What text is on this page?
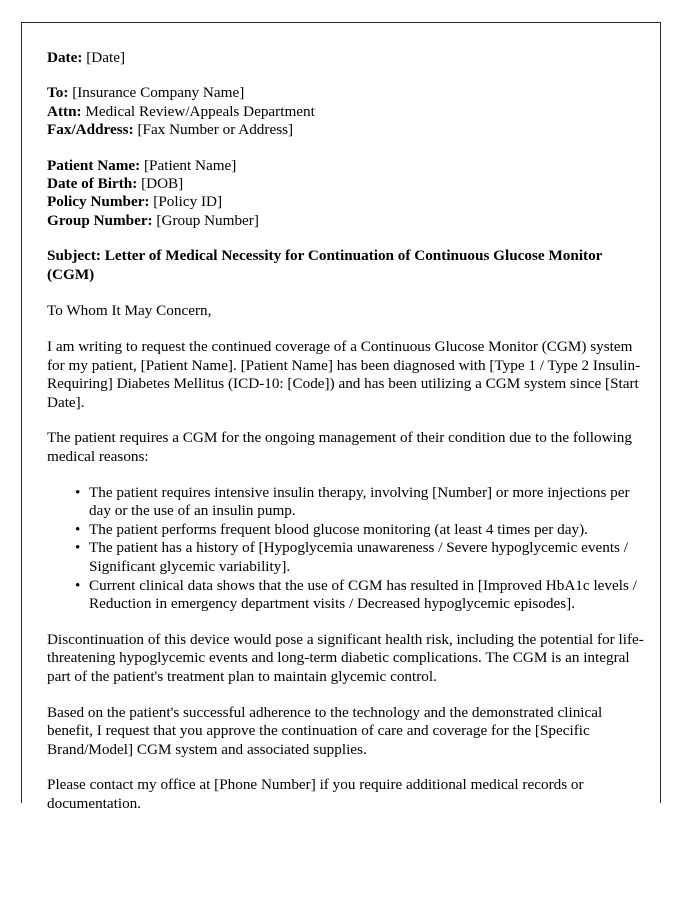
Date: [Date]
To: [Insurance Company Name]
Attn: Medical Review/Appeals Department
Fax/Address: [Fax Number or Address]
Patient Name: [Patient Name]
Date of Birth: [DOB]
Policy Number: [Policy ID]
Group Number: [Group Number]
Subject: Letter of Medical Necessity for Continuation of Continuous Glucose Monitor (CGM)

To Whom It May Concern,

I am writing to request the continued coverage of a Continuous Glucose Monitor (CGM) system for my patient, [Patient Name]. [Patient Name] has been diagnosed with [Type 1 / Type 2 Insulin-Requiring] Diabetes Mellitus (ICD-10: [Code]) and has been utilizing a CGM system since [Start Date].

The patient requires a CGM for the ongoing management of their condition due to the following medical reasons:

• The patient requires intensive insulin therapy, involving [Number] or more injections per day or the use of an insulin pump.
• The patient performs frequent blood glucose monitoring (at least 4 times per day).
• The patient has a history of [Hypoglycemia unawareness / Severe hypoglycemic events / Significant glycemic variability].
• Current clinical data shows that the use of CGM has resulted in [Improved HbA1c levels / Reduction in emergency department visits / Decreased hypoglycemic episodes].

Discontinuation of this device would pose a significant health risk, including the potential for life-threatening hypoglycemic events and long-term diabetic complications. The CGM is an integral part of the patient's treatment plan to maintain glycemic control.

Based on the patient's successful adherence to the technology and the demonstrated clinical benefit, I request that you approve the continuation of care and coverage for the [Specific Brand/Model] CGM system and associated supplies.

Please contact my office at [Phone Number] if you require additional medical records or documentation.
